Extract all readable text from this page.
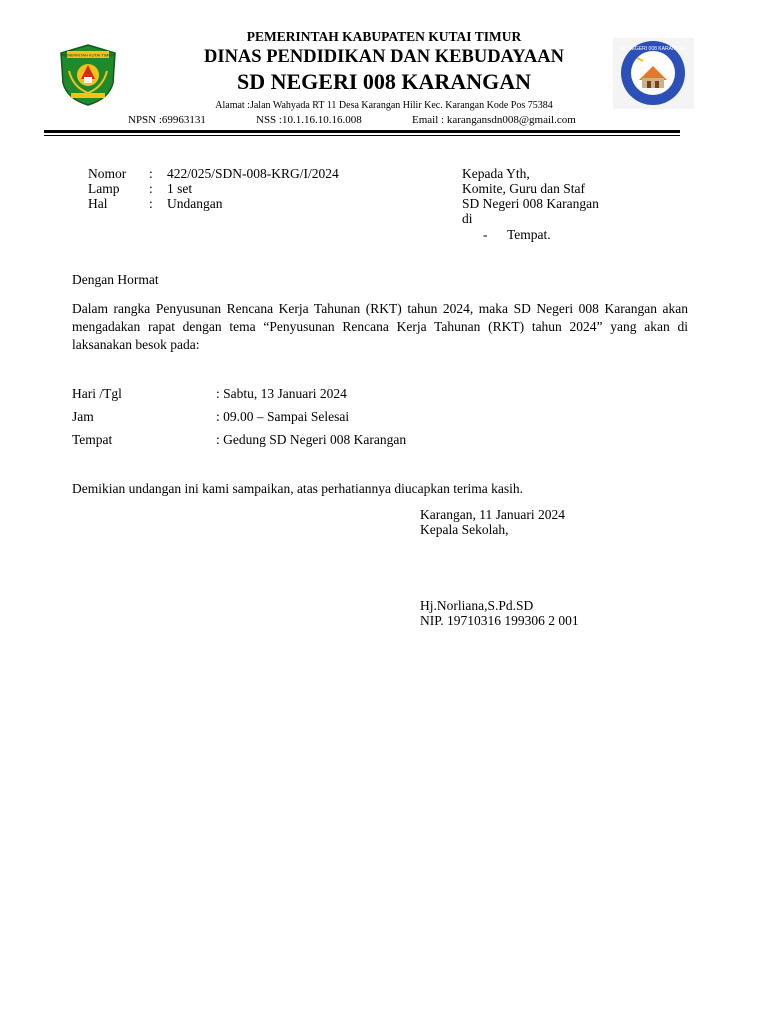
PEMERINTAH KUTAI TIMUR
PEMERINTAH KABUPATEN KUTAI TIMUR
DINAS PENDIDIKAN DAN KEBUDAYAAN
SD NEGERI 008 KARANGAN
Alamat :Jalan Wahyada RT 11 Desa Karangan Hilir Kec. Karangan Kode Pos 75384
NPSN :69963131	NSS :10.1.16.10.16.008	Email : karangansdn008@gmail.com
SD NEGERI 008 KARANGAN
Nomor : 422/025/SDN-008-KRG/I/2024
Lamp : 1 set
Hal	: Undangan
Kepada Yth,
Komite, Guru dan Staf
SD Negeri 008 Karangan
di
- Tempat.
Dengan Hormat
Dalam rangka Penyusunan Rencana Kerja Tahunan (RKT) tahun 2024, maka SD Negeri 008 Karangan akan mengadakan rapat dengan tema “Penyusunan Rencana Kerja Tahunan (RKT) tahun 2024” yang akan di laksanakan besok pada:
Hari /Tgl	: Sabtu, 13 Januari 2024
Jam	: 09.00 – Sampai Selesai
Tempat	: Gedung SD Negeri 008 Karangan
Demikian undangan ini kami sampaikan, atas perhatiannya diucapkan terima kasih.
Karangan, 11 Januari 2024
Kepala Sekolah,
Hj.Norliana,S.Pd.SD
NIP. 19710316 199306 2 001
